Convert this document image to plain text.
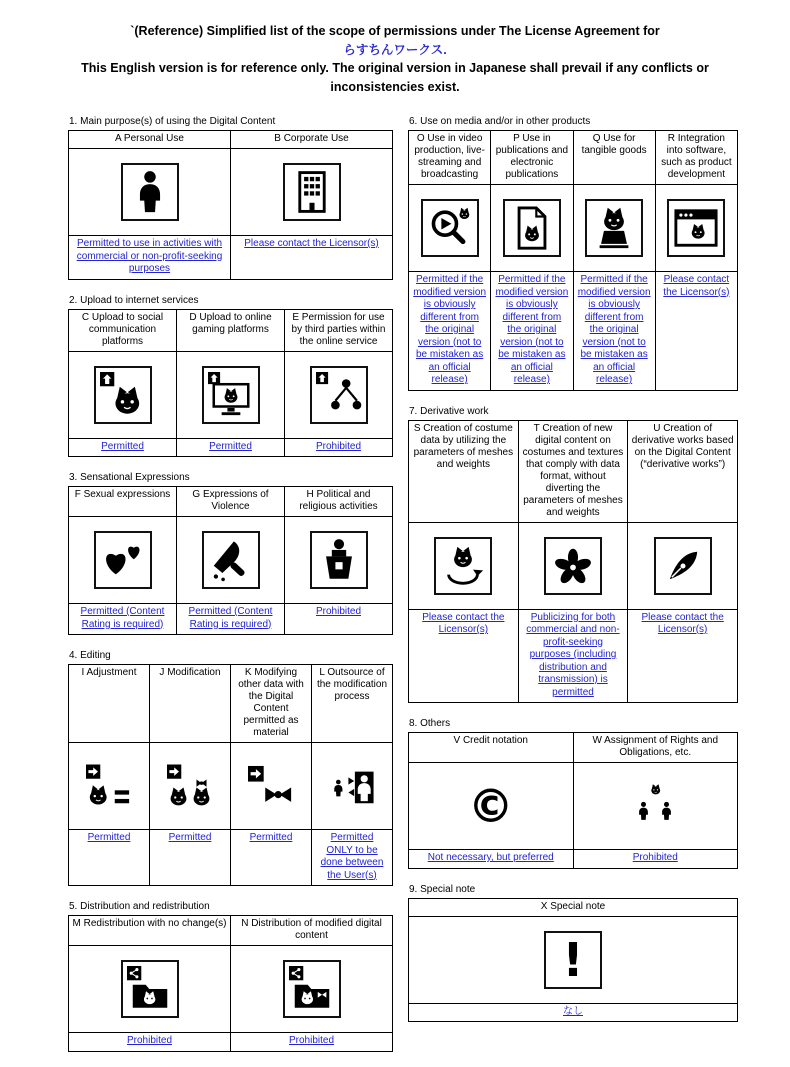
`(Reference) Simplified list of the scope of permissions under The License Agreement for
らすちんワークス.
This English version is for reference only. The original version in Japanese shall prevail if any conflicts or inconsistencies exist.
1. Main purpose(s) of using the Digital Content
A Personal Use	B Corporate Use

Permitted to use in activities with commercial or non-profit-seeking purposes	Please contact the Licensor(s)
2. Upload to internet services
C Upload to social communication platforms	D Upload to online gaming platforms	E Permission for use by third parties within the online service

Permitted	Permitted	Prohibited
3. Sensational Expressions
F Sexual expressions	G Expressions of Violence	H Political and religious activities

Permitted (Content Rating is required)	Permitted (Content Rating is required)	Prohibited
4. Editing
I Adjustment	J Modification	K Modifying other data with the Digital Content permitted as material	L Outsource of the modification process

Permitted	Permitted	Permitted	Permitted ONLY to be done between the User(s)
5. Distribution and redistribution
M Redistribution with no change(s)	N Distribution of modified digital content

Prohibited	Prohibited
6. Use on media and/or in other products
O Use in video production, live-streaming and broadcasting	P Use in publications and electronic publications	Q Use for tangible goods	R Integration into software, such as product development

Permitted if the modified version is obviously different from the original version (not to be mistaken as an official release)	Permitted if the modified version is obviously different from the original version (not to be mistaken as an official release)	Permitted if the modified version is obviously different from the original version (not to be mistaken as an official release)	Please contact the Licensor(s)
7. Derivative work
S Creation of costume data by utilizing the parameters of meshes and weights	T Creation of new digital content on costumes and textures that comply with data format, without diverting the parameters of meshes and weights	U Creation of derivative works based on the Digital Content (“derivative works”)

Please contact the Licensor(s)	Publicizing for both commercial and non-profit-seeking purposes (including distribution and transmission) is permitted	Please contact the Licensor(s)
8. Others
V Credit notation	W Assignment of Rights and Obligations, etc.

©

Not necessary, but preferred	Prohibited
9. Special note
X Special note

!

なし
